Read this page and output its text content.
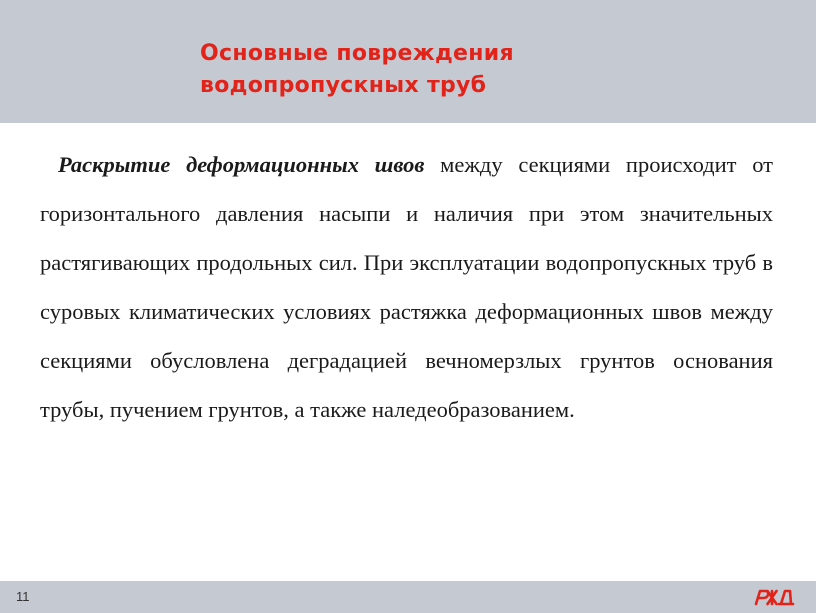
Основные повреждения
водопропускных труб

Раскрытие деформационных швов между секциями происходит от горизонтального давления насыпи и наличия при этом значительных растягивающих продольных сил. При эксплуатации водопропускных труб в суровых климатических условиях растяжка деформационных швов между секциями обусловлена деградацией вечномерзлых грунтов основания трубы, пучением грунтов, а также наледеобразованием.

11
